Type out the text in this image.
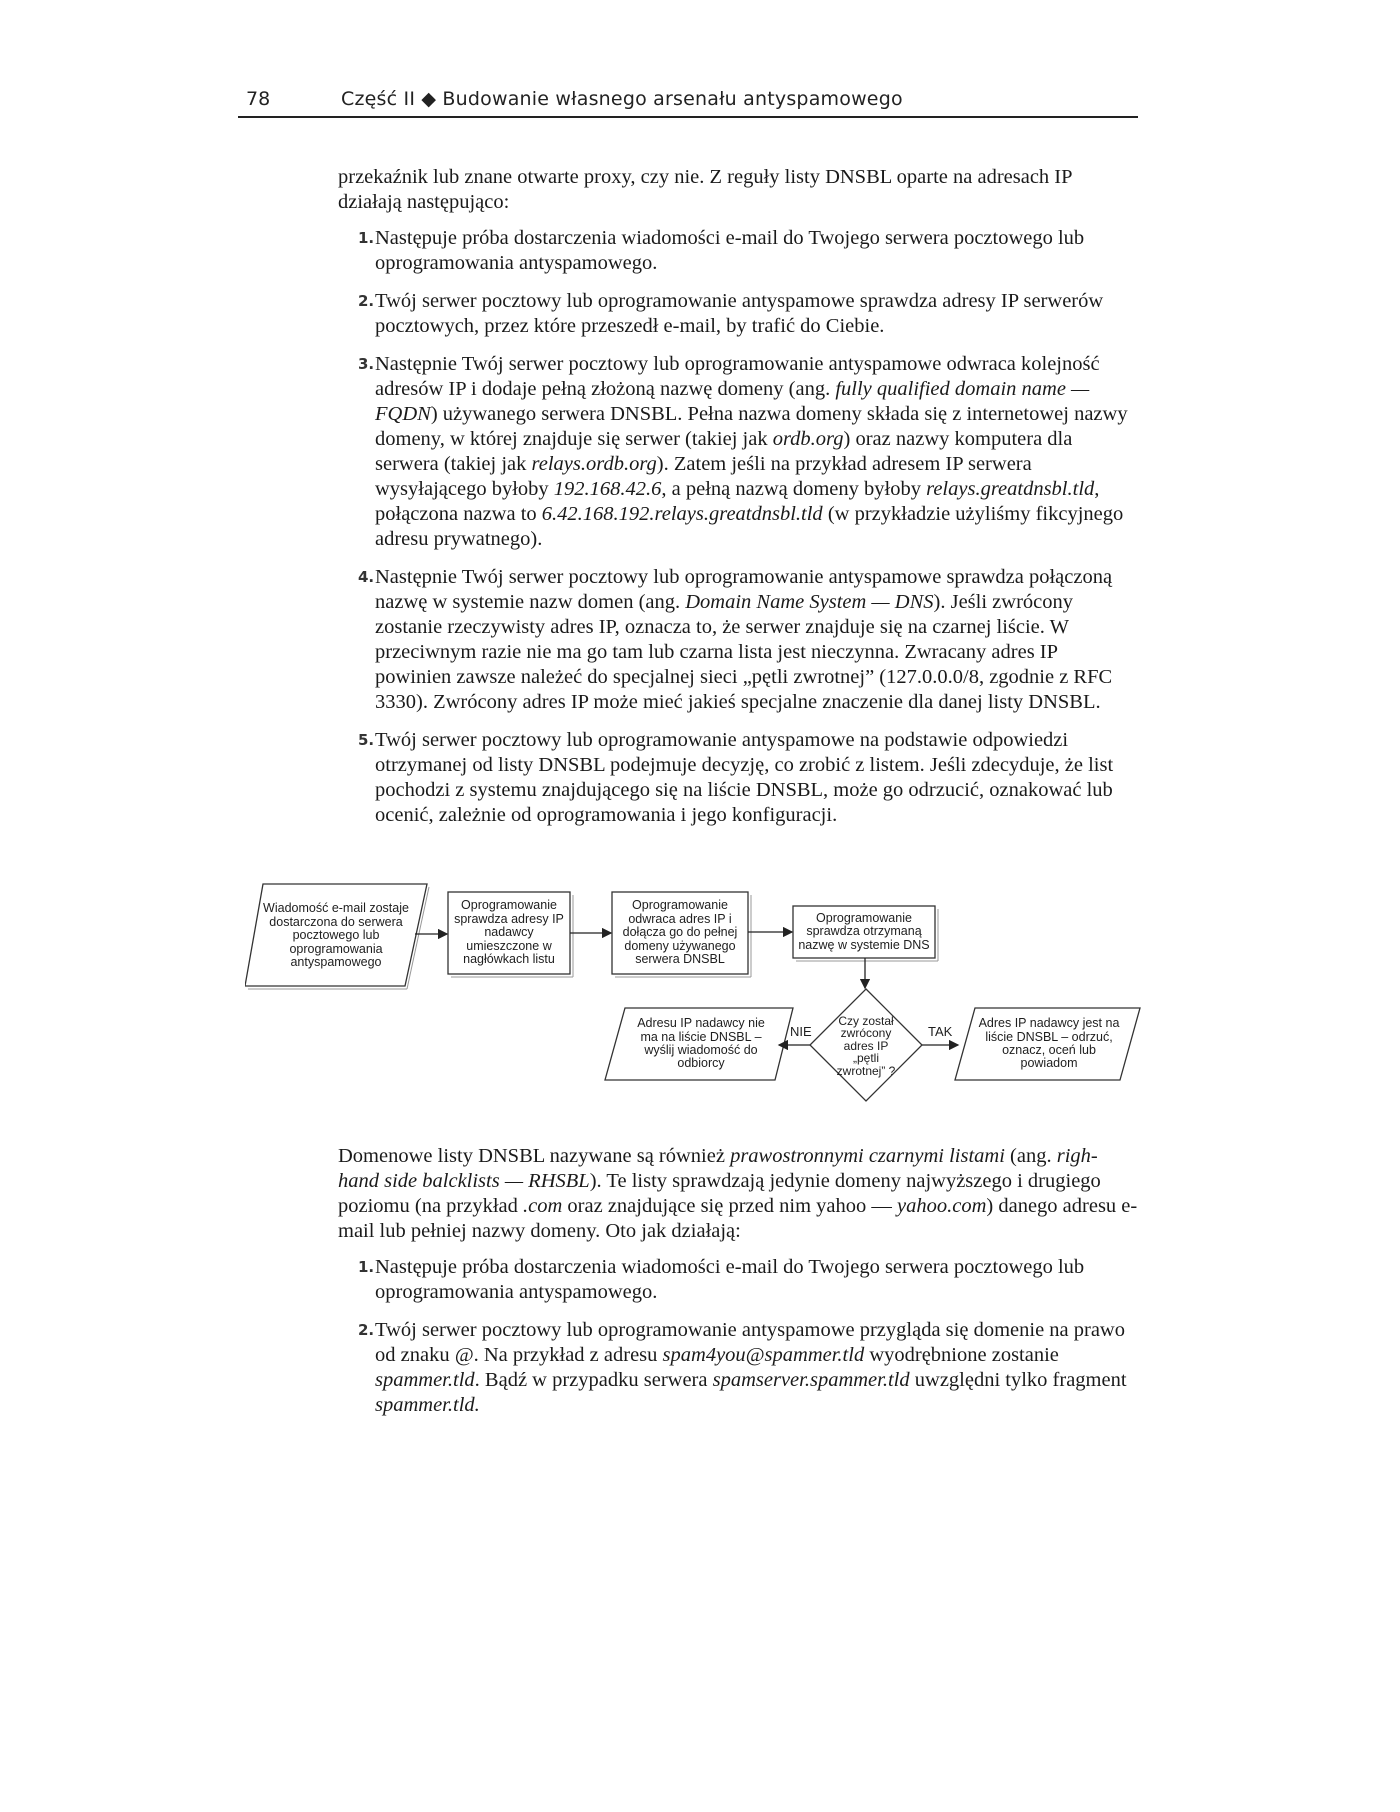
78	Część II ◆ Budowanie własnego arsenału antyspamowego

przekaźnik lub znane otwarte proxy, czy nie. Z reguły listy DNSBL oparte na adresach IP działają następująco:

1. Następuje próba dostarczenia wiadomości e-mail do Twojego serwera pocztowego lub oprogramowania antyspamowego.
2. Twój serwer pocztowy lub oprogramowanie antyspamowe sprawdza adresy IP serwerów pocztowych, przez które przeszedł e-mail, by trafić do Ciebie.
3. Następnie Twój serwer pocztowy lub oprogramowanie antyspamowe odwraca kolejność adresów IP i dodaje pełną złożoną nazwę domeny (ang. fully qualified domain name — FQDN) używanego serwera DNSBL. Pełna nazwa domeny składa się z internetowej nazwy domeny, w której znajduje się serwer (takiej jak ordb.org) oraz nazwy komputera dla serwera (takiej jak relays.ordb.org). Zatem jeśli na przykład adresem IP serwera wysyłającego byłoby 192.168.42.6, a pełną nazwą domeny byłoby relays.greatdnsbl.tld, połączona nazwa to 6.42.168.192.relays.greatdnsbl.tld (w przykładzie użyliśmy fikcyjnego adresu prywatnego).
4. Następnie Twój serwer pocztowy lub oprogramowanie antyspamowe sprawdza połączoną nazwę w systemie nazw domen (ang. Domain Name System — DNS). Jeśli zwrócony zostanie rzeczywisty adres IP, oznacza to, że serwer znajduje się na czarnej liście. W przeciwnym razie nie ma go tam lub czarna lista jest nieczynna. Zwracany adres IP powinien zawsze należeć do specjalnej sieci „pętli zwrotnej” (127.0.0.0/8, zgodnie z RFC 3330). Zwrócony adres IP może mieć jakieś specjalne znaczenie dla danej listy DNSBL.
5. Twój serwer pocztowy lub oprogramowanie antyspamowe na podstawie odpowiedzi otrzymanej od listy DNSBL podejmuje decyzję, co zrobić z listem. Jeśli zdecyduje, że list pochodzi z systemu znajdującego się na liście DNSBL, może go odrzucić, oznakować lub ocenić, zależnie od oprogramowania i jego konfiguracji.
Wiadomość e-mail zostaje dostarczona do serwera pocztowego lub oprogramowania antyspamowego
Oprogramowanie sprawdza adresy IP nadawcy umieszczone w nagłówkach listu
Oprogramowanie odwraca adres IP i dołącza go do pełnej domeny używanego serwera DNSBL
Oprogramowanie sprawdza otrzymaną nazwę w systemie DNS
Czy został zwrócony adres IP „pętli zwrotnej” ?
Adresu IP nadawcy nie ma na liście DNSBL – wyślij wiadomość do odbiorcy
Adres IP nadawcy jest na liście DNSBL – odrzuć, oznacz, oceń lub powiadom
NIE	TAK

Domenowe listy DNSBL nazywane są również prawostronnymi czarnymi listami (ang. righ-hand side balcklists — RHSBL). Te listy sprawdzają jedynie domeny najwyższego i drugiego poziomu (na przykład .com oraz znajdujące się przed nim yahoo — yahoo.com) danego adresu e-mail lub pełniej nazwy domeny. Oto jak działają:

1. Następuje próba dostarczenia wiadomości e-mail do Twojego serwera pocztowego lub oprogramowania antyspamowego.
2. Twój serwer pocztowy lub oprogramowanie antyspamowe przygląda się domenie na prawo od znaku @. Na przykład z adresu spam4you@spammer.tld wyodrębnione zostanie spammer.tld. Bądź w przypadku serwera spamserver.spammer.tld uwzględni tylko fragment spammer.tld.
